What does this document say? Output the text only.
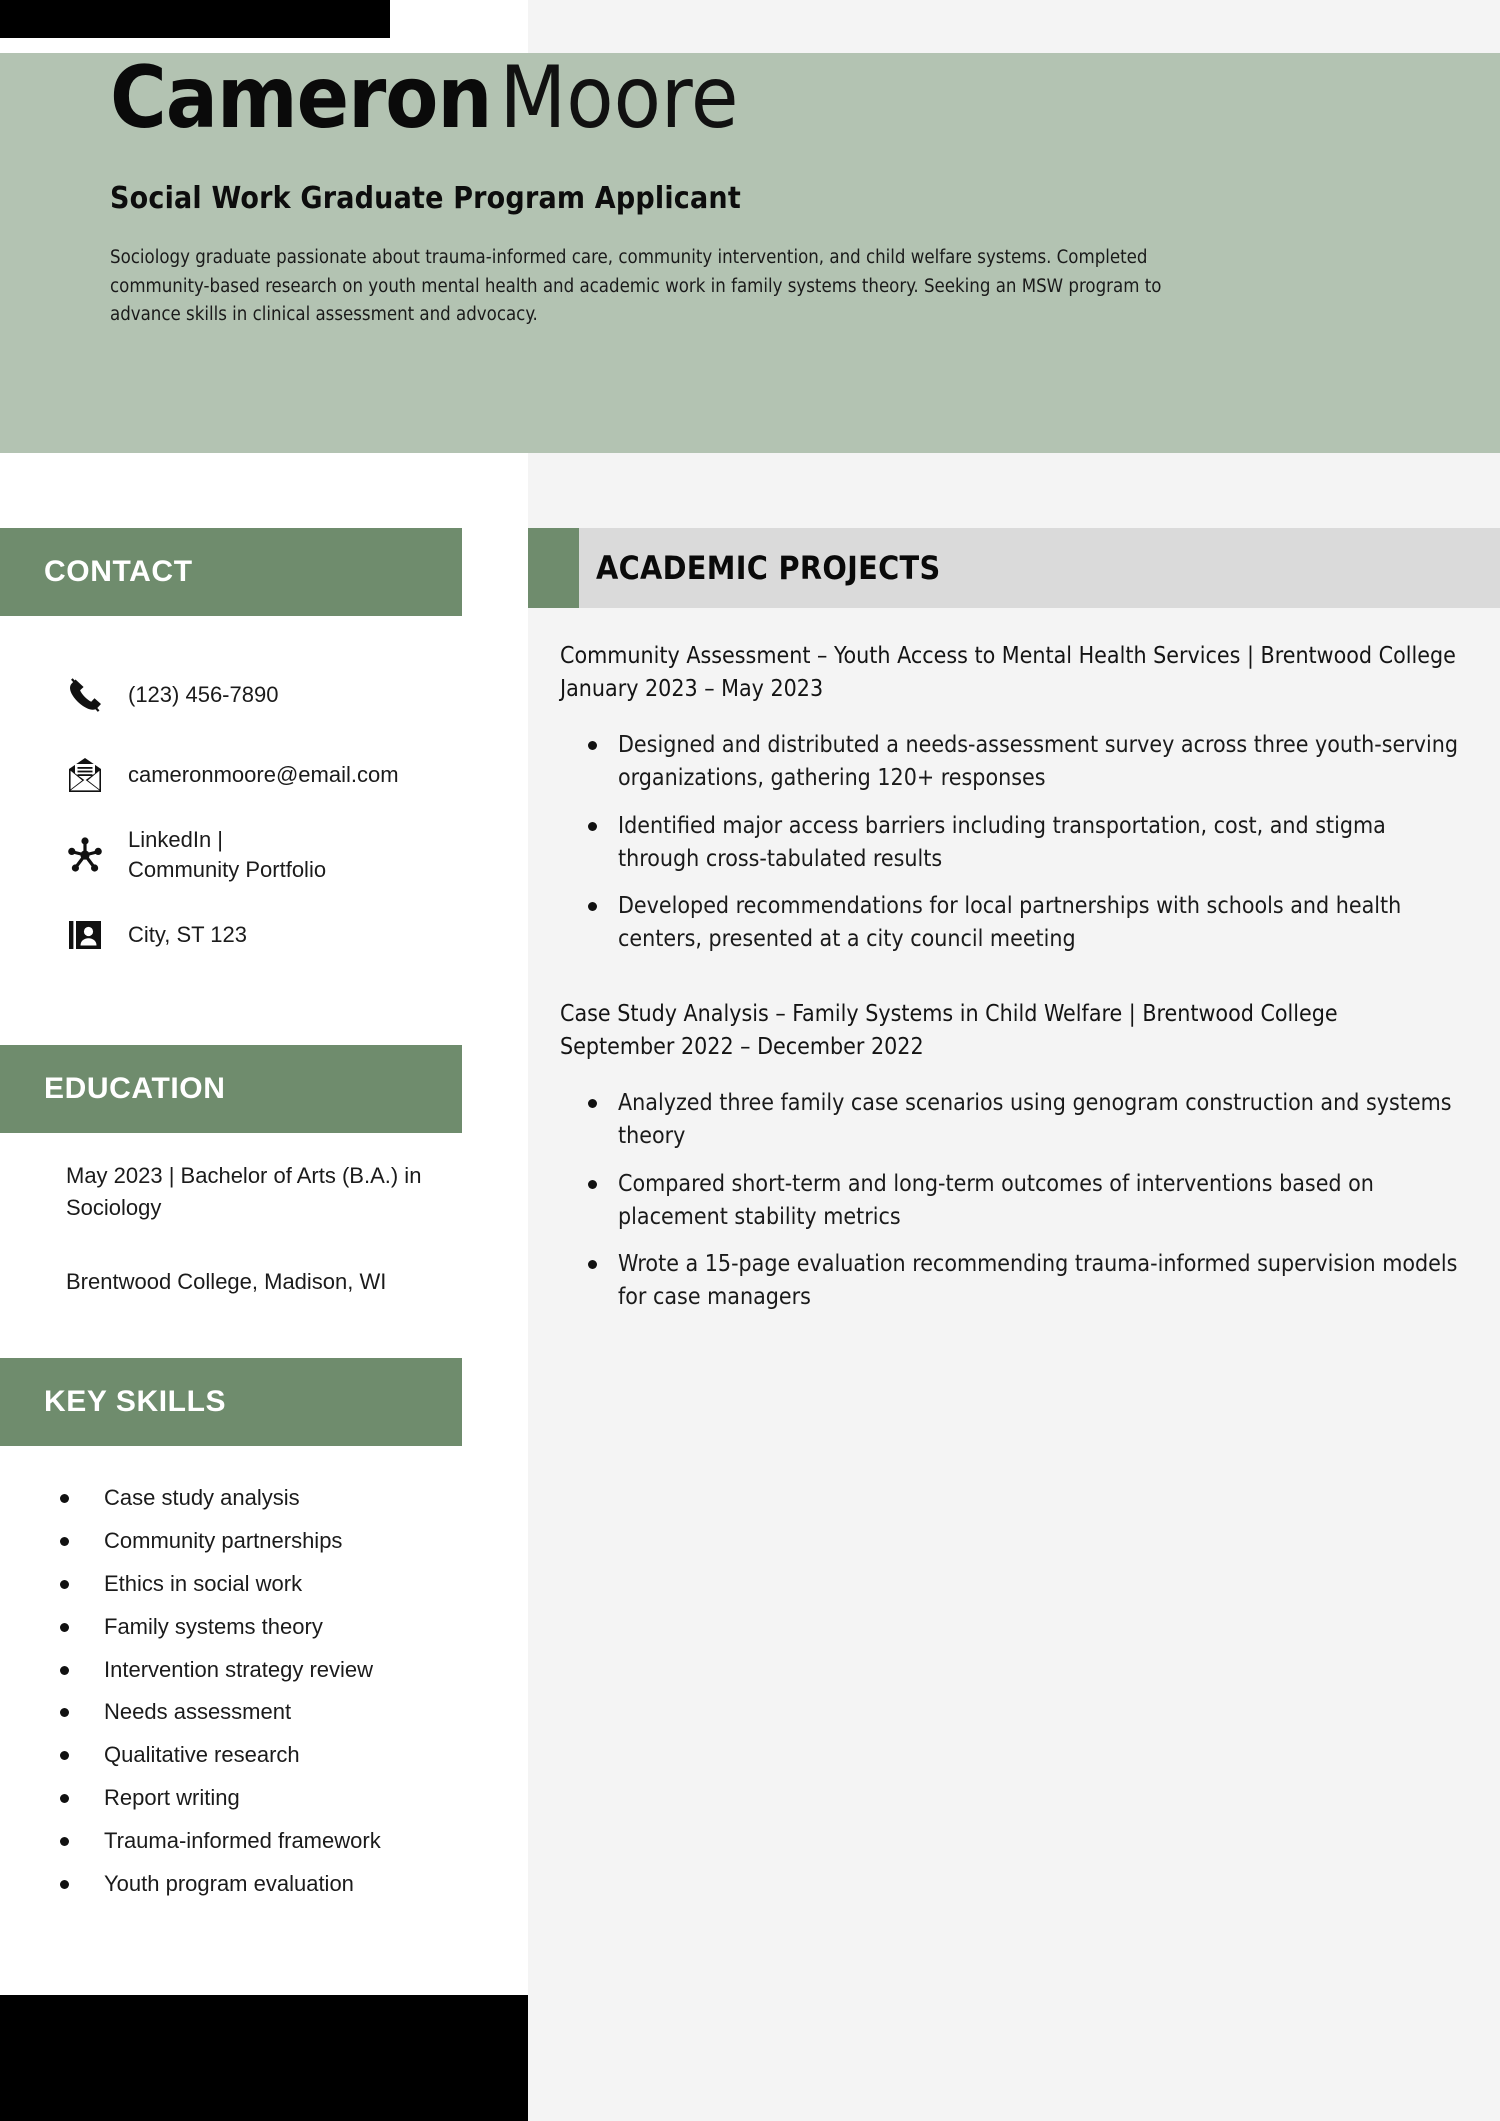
CameronMoore
Social Work Graduate Program Applicant
Sociology graduate passionate about trauma-informed care, community intervention, and child welfare systems. Completed community-based research on youth mental health and academic work in family systems theory. Seeking an MSW program to advance skills in clinical assessment and advocacy.
CONTACT
(123) 456-7890
cameronmoore@email.com
LinkedIn |
Community Portfolio
City, ST 123
EDUCATION
May 2023 | Bachelor of Arts (B.A.) in Sociology
Brentwood College, Madison, WI
KEY SKILLS
Case study analysis
Community partnerships
Ethics in social work
Family systems theory
Intervention strategy review
Needs assessment
Qualitative research
Report writing
Trauma-informed framework
Youth program evaluation
ACADEMIC PROJECTS
Community Assessment – Youth Access to Mental Health Services | Brentwood College
January 2023 – May 2023
Designed and distributed a needs-assessment survey across three youth-serving organizations, gathering 120+ responses
Identified major access barriers including transportation, cost, and stigma through cross-tabulated results
Developed recommendations for local partnerships with schools and health centers, presented at a city council meeting
Case Study Analysis – Family Systems in Child Welfare | Brentwood College
September 2022 – December 2022
Analyzed three family case scenarios using genogram construction and systems theory
Compared short-term and long-term outcomes of interventions based on placement stability metrics
Wrote a 15-page evaluation recommending trauma-informed supervision models for case managers
